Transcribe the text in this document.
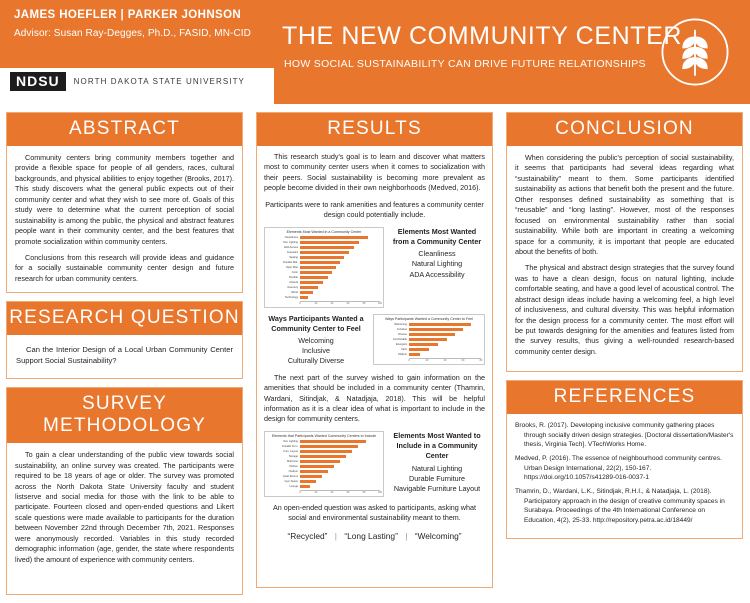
JAMES HOEFLER | PARKER JOHNSON
Advisor: Susan Ray-Degges, Ph.D., FASID, MN-CID
NDSU	NORTH DAKOTA STATE UNIVERSITY
THE NEW COMMUNITY CENTER
HOW SOCIAL SUSTAINABILITY CAN DRIVE FUTURE RELATIONSHIPS
ABSTRACT

Community centers bring community members together and provide a flexible space for people of all genders, races, cultural backgrounds, and physical abilities to enjoy together (Brooks, 2017). This study discovers what the general public expects out of their community center and what they wish to see more of. Goals of this study were to determine what the current perception of social sustainability is among the public, the physical and abstract features people want in their community center, and the best features that promote socialization within community centers.

Conclusions from this research will provide ideas and guidance for a socially sustainable community center design and future research for urban community centers.

RESEARCH QUESTION

Can the Interior Design of a Local Urban Community Center Support Social Sustainability?

SURVEY METHODOLOGY

To gain a clear understanding of the public view towards social sustainability, an online survey was created. The participants were required to be 18 years of age or older. The survey was promoted across the North Dakota State University faculty and student listserve and social media for those with the link to be able to participate. Fourteen closed and open-ended questions and Likert scale questions were made available to participants for the duration between November 22nd through December 7th, 2021. Responses were anonymously recorded. Variables in this study recorded demographic information (age, gender, the state where respondents lived) the amount of experience with community centers.

RESULTS

This research study's goal is to learn and discover what matters most to community center users when it comes to socialization with their peers. Social sustainability is becoming more prevalent as people become divided in their own neighborhoods (Medved, 2016).

Participants were to rank amenities and features a community center design could potentially include.

Elements Most Wanted in a Community Center
Cleanliness
Nat. Lighting
ADA Access
Acoustics
Seating
Durable Mat.
Open Plan
Color
Flexible
Artwork
Greenery
Wood
Technology
0	20	40	60	80	100
Elements Most Wanted from a Community Center
Cleanliness
Natural Lighting
ADA Accessibility
Ways Participants Wanted a Community Center to Feel
Welcoming
Inclusive
Culturally Diverse
Ways Participants Wanted a Community Center to Feel
Welcoming
Inclusive
Diverse
Comfortable
Energetic
Calm
Modern
0	20	40	60	80

The next part of the survey wished to gain information on the amenities that should be included in a community center (Thamrin, Wardani, Sitindjak, & Natadjaja, 2018). This will be helpful information as it is a clear idea of what is important to include in the design for community centers.

Elements that Participants Wanted Community Centers to Include
Nat. Lighting
Durable Furn.
Furn. Layout
Storage
Multi-Use
Kitchen
Outdoor
Quiet Rooms
Gym Space
Lounge
0	20	40	60	80	100
Elements Most Wanted to Include in a Community Center
Natural Lighting
Durable Furniture
Navigable Furniture Layout

An open-ended question was asked to participants, asking what social and environmental sustainability meant to them.

“Recycled” | “Long Lasting” | “Welcoming”
CONCLUSION

When considering the public's perception of social sustainability, it seems that participants had several ideas regarding what “sustainability” meant to them. Some participants identified sustainability as actions that benefit both the present and the future. Other responses defined sustainability as something that is “reusable” and “long lasting”. However, most of the responses focused on environmental sustainability rather than social sustainability. While both are important in creating a welcoming space for a community, it is important that people are educated about the benefits of both.

The physical and abstract design strategies that the survey found was to have a clean design, focus on natural lighting, include comfortable seating, and have a good level of acoustical control. The abstract design ideas include having a welcoming feel, a high level of inclusiveness, and cultural diversity. This was helpful information for the design process for a community center. The most effort will be put towards designing for the amenities and features listed from the survey results, thus giving a well-rounded research-based community center design.

REFERENCES
Brooks, R. (2017). Developing inclusive community gathering places through socially driven design strategies. [Doctoral dissertation/Master's thesis, Virginia Tech]. VTechWorks Home.
Medved, P. (2016). The essence of neighbourhood community centres. Urban Design International, 22(2), 150-167. https://doi.org/10.1057/s41289-016-0037-1
Thamrin, D., Wardani, L.K., Sitindjak, R.H.I., & Natadjaja, L. (2018). Participatory approach in the design of creative community spaces in Surabaya. Proceedings of the 4th International Conference on Education, 4(2), 25-33. http://repository.petra.ac.id/18449/
